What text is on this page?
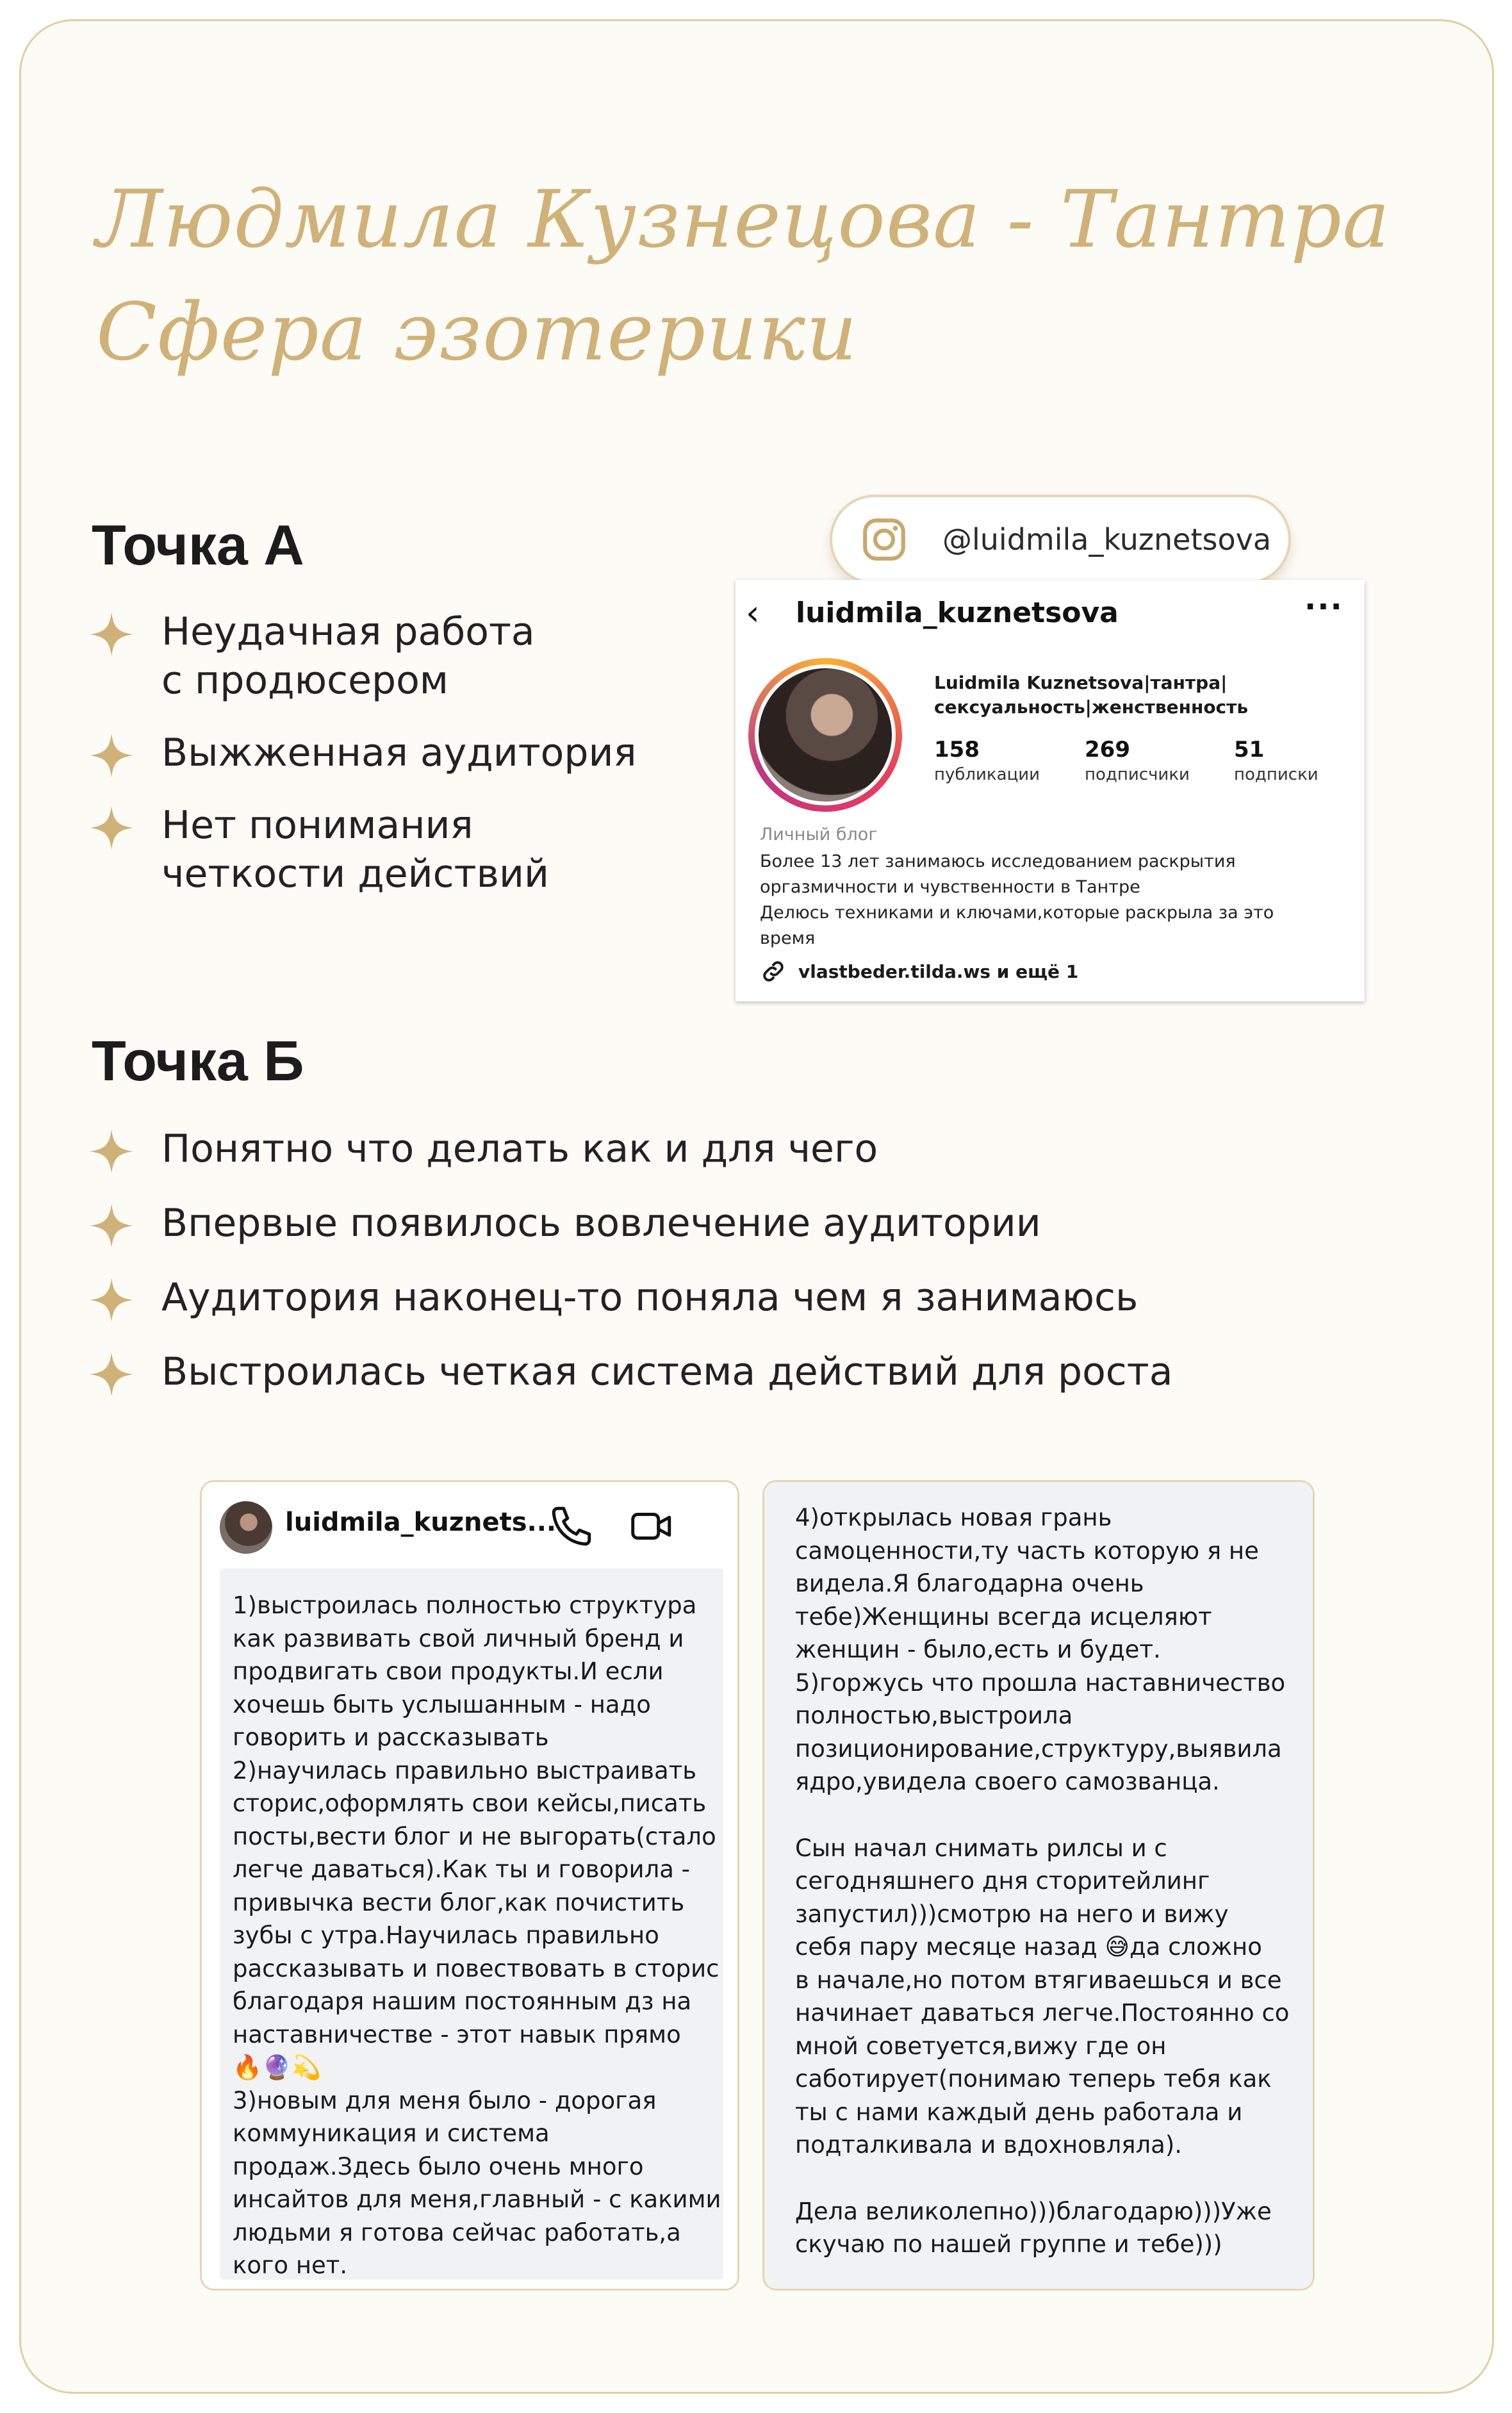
Людмила Кузнецова - Тантра
Сфера эзотерики
Точка А
Неудачная работа
с продюсером
Выжженная аудитория
Нет понимания
четкости действий
@luidmila_kuznetsova
‹ luidmila_kuznetsova	···
Luidmila Kuznetsova|тантра|
сексуальность|женственность
158
публикации
269
подписчики
51
подписки
Личный блог

Более 13 лет занимаюсь исследованием раскрытия

оргазмичности и чувственности в Тантре

Делюсь техниками и ключами,которые раскрыла за это

время

vlastbeder.tilda.ws и ещё 1
Точка Б
Понятно что делать как и для чего
Впервые появилось вовлечение аудитории
Аудитория наконец-то поняла чем я занимаюсь
Выстроилась четкая система действий для роста
luidmila_kuznets...

1)выстроилась полностью структура
как развивать свой личный бренд и
продвигать свои продукты.И если
хочешь быть услышанным - надо
говорить и рассказывать
2)научилась правильно выстраивать
сторис,оформлять свои кейсы,писать
посты,вести блог и не выгорать(стало
легче даваться).Как ты и говорила -
привычка вести блог,как почистить
зубы с утра.Научилась правильно
рассказывать и повествовать в сторис
благодаря нашим постоянным дз на
наставничестве - этот навык прямо
🔥🔮💫
3)новым для меня было - дорогая
коммуникация и система
продаж.Здесь было очень много
инсайтов для меня,главный - с какими
людьми я готова сейчас работать,а
кого нет.

4)открылась новая грань
самоценности,ту часть которую я не
видела.Я благодарна очень
тебе)Женщины всегда исцеляют
женщин - было,есть и будет.
5)горжусь что прошла наставничество
полностью,выстроила
позиционирование,структуру,выявила
ядро,увидела своего самозванца.

Сын начал снимать рилсы и с
сегодняшнего дня сторитейлинг
запустил)))смотрю на него и вижу
себя пару месяце назад 😅да сложно
в начале,но потом втягиваешься и все
начинает даваться легче.Постоянно со
мной советуется,вижу где он
саботирует(понимаю теперь тебя как
ты с нами каждый день работала и
подталкивала и вдохновляла).

Дела великолепно)))благодарю)))Уже
скучаю по нашей группе и тебе)))
